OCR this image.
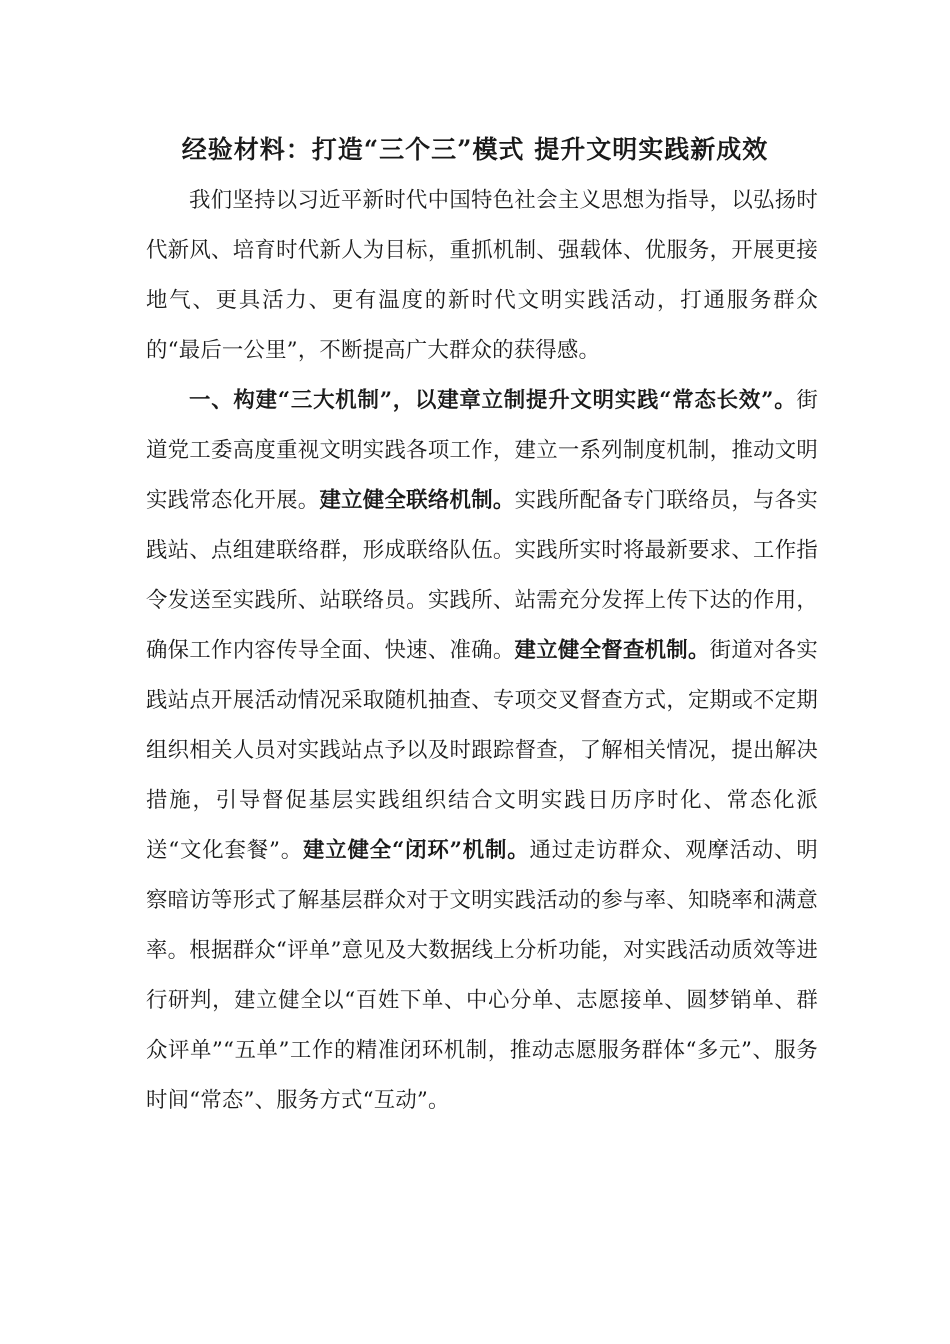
经验材料：打造“三个三”模式 提升文明实践新成效

我们坚持以习近平新时代中国特色社会主义思想为指导，以弘扬时代新风、培育时代新人为目标，重抓机制、强载体、优服务，开展更接地气、更具活力、更有温度的新时代文明实践活动，打通服务群众的“最后一公里”，不断提高广大群众的获得感。

一、构建“三大机制”，以建章立制提升文明实践“常态长效”。街道党工委高度重视文明实践各项工作，建立一系列制度机制，推动文明实践常态化开展。建立健全联络机制。实践所配备专门联络员，与各实践站、点组建联络群，形成联络队伍。实践所实时将最新要求、工作指令发送至实践所、站联络员。实践所、站需充分发挥上传下达的作用，确保工作内容传导全面、快速、准确。建立健全督查机制。街道对各实践站点开展活动情况采取随机抽查、专项交叉督查方式，定期或不定期组织相关人员对实践站点予以及时跟踪督查，了解相关情况，提出解决措施，引导督促基层实践组织结合文明实践日历序时化、常态化派送“文化套餐”。建立健全“闭环”机制。通过走访群众、观摩活动、明察暗访等形式了解基层群众对于文明实践活动的参与率、知晓率和满意率。根据群众“评单”意见及大数据线上分析功能，对实践活动质效等进行研判，建立健全以“百姓下单、中心分单、志愿接单、圆梦销单、群众评单”“五单”工作的精准闭环机制，推动志愿服务群体“多元”、服务时间“常态”、服务方式“互动”。
